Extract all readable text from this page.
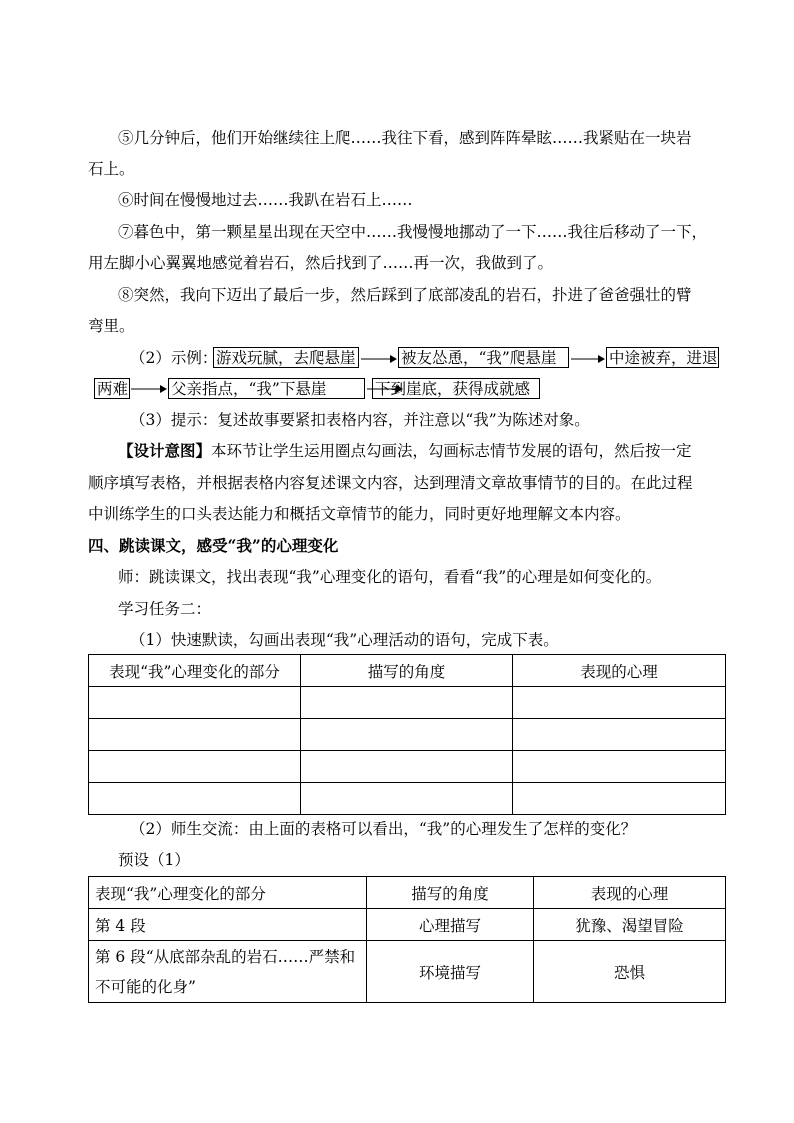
⑤几分钟后，他们开始继续往上爬……我往下看，感到阵阵晕眩……我紧贴在一块岩
石上。
⑥时间在慢慢地过去……我趴在岩石上……
⑦暮色中，第一颗星星出现在天空中……我慢慢地挪动了一下……我往后移动了一下，
用左脚小心翼翼地感觉着岩石，然后找到了……再一次，我做到了。
⑧突然，我向下迈出了最后一步，然后踩到了底部凌乱的岩石，扑进了爸爸强壮的臂
弯里。
（2）示例：
游戏玩腻，去爬悬崖	被友怂恿，“我”爬悬崖	中途被弃，进退
两难	父亲指点，“我”下悬崖	下到崖底，获得成就感
（3）提示：复述故事要紧扣表格内容，并注意以“我”为陈述对象。
【设计意图】本环节让学生运用圈点勾画法，勾画标志情节发展的语句，然后按一定
顺序填写表格，并根据表格内容复述课文内容，达到理清文章故事情节的目的。在此过程
中训练学生的口头表达能力和概括文章情节的能力，同时更好地理解文本内容。
四、跳读课文，感受“我”的心理变化
师：跳读课文，找出表现“我”心理变化的语句，看看“我”的心理是如何变化的。
学习任务二：
（1）快速默读，勾画出表现“我”心理活动的语句，完成下表。
表现“我”心理变化的部分	描写的角度	表现的心理

（2）师生交流：由上面的表格可以看出，“我”的心理发生了怎样的变化？
预设（1）
表现“我”心理变化的部分	描写的角度	表现的心理
第 4 段	心理描写	犹豫、渴望冒险

第 6 段“从底部杂乱的岩石……严禁和
不可能的化身”	环境描写	恐惧
